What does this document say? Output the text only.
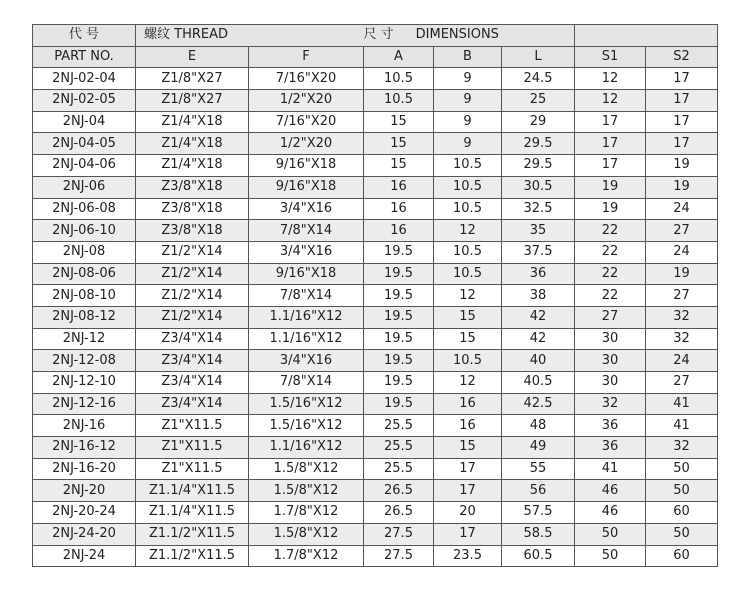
代 号	螺纹 THREAD		尺 寸 DIMENSIONS				
PART NO.	E	F	A	B	L	S1	S2
2NJ-02-04	Z1/8"X27	7/16"X20	10.5	9	24.5	12	17
2NJ-02-05	Z1/8"X27	1/2"X20	10.5	9	25	12	17
2NJ-04	Z1/4"X18	7/16"X20	15	9	29	17	17
2NJ-04-05	Z1/4"X18	1/2"X20	15	9	29.5	17	17
2NJ-04-06	Z1/4"X18	9/16"X18	15	10.5	29.5	17	19
2NJ-06	Z3/8"X18	9/16"X18	16	10.5	30.5	19	19
2NJ-06-08	Z3/8"X18	3/4"X16	16	10.5	32.5	19	24
2NJ-06-10	Z3/8"X18	7/8"X14	16	12	35	22	27
2NJ-08	Z1/2"X14	3/4"X16	19.5	10.5	37.5	22	24
2NJ-08-06	Z1/2"X14	9/16"X18	19.5	10.5	36	22	19
2NJ-08-10	Z1/2"X14	7/8"X14	19.5	12	38	22	27
2NJ-08-12	Z1/2"X14	1.1/16"X12	19.5	15	42	27	32
2NJ-12	Z3/4"X14	1.1/16"X12	19.5	15	42	30	32
2NJ-12-08	Z3/4"X14	3/4"X16	19.5	10.5	40	30	24
2NJ-12-10	Z3/4"X14	7/8"X14	19.5	12	40.5	30	27
2NJ-12-16	Z3/4"X14	1.5/16"X12	19.5	16	42.5	32	41
2NJ-16	Z1"X11.5	1.5/16"X12	25.5	16	48	36	41
2NJ-16-12	Z1"X11.5	1.1/16"X12	25.5	15	49	36	32
2NJ-16-20	Z1"X11.5	1.5/8"X12	25.5	17	55	41	50
2NJ-20	Z1.1/4"X11.5	1.5/8"X12	26.5	17	56	46	50
2NJ-20-24	Z1.1/4"X11.5	1.7/8"X12	26.5	20	57.5	46	60
2NJ-24-20	Z1.1/2"X11.5	1.5/8"X12	27.5	17	58.5	50	50
2NJ-24	Z1.1/2"X11.5	1.7/8"X12	27.5	23.5	60.5	50	60
